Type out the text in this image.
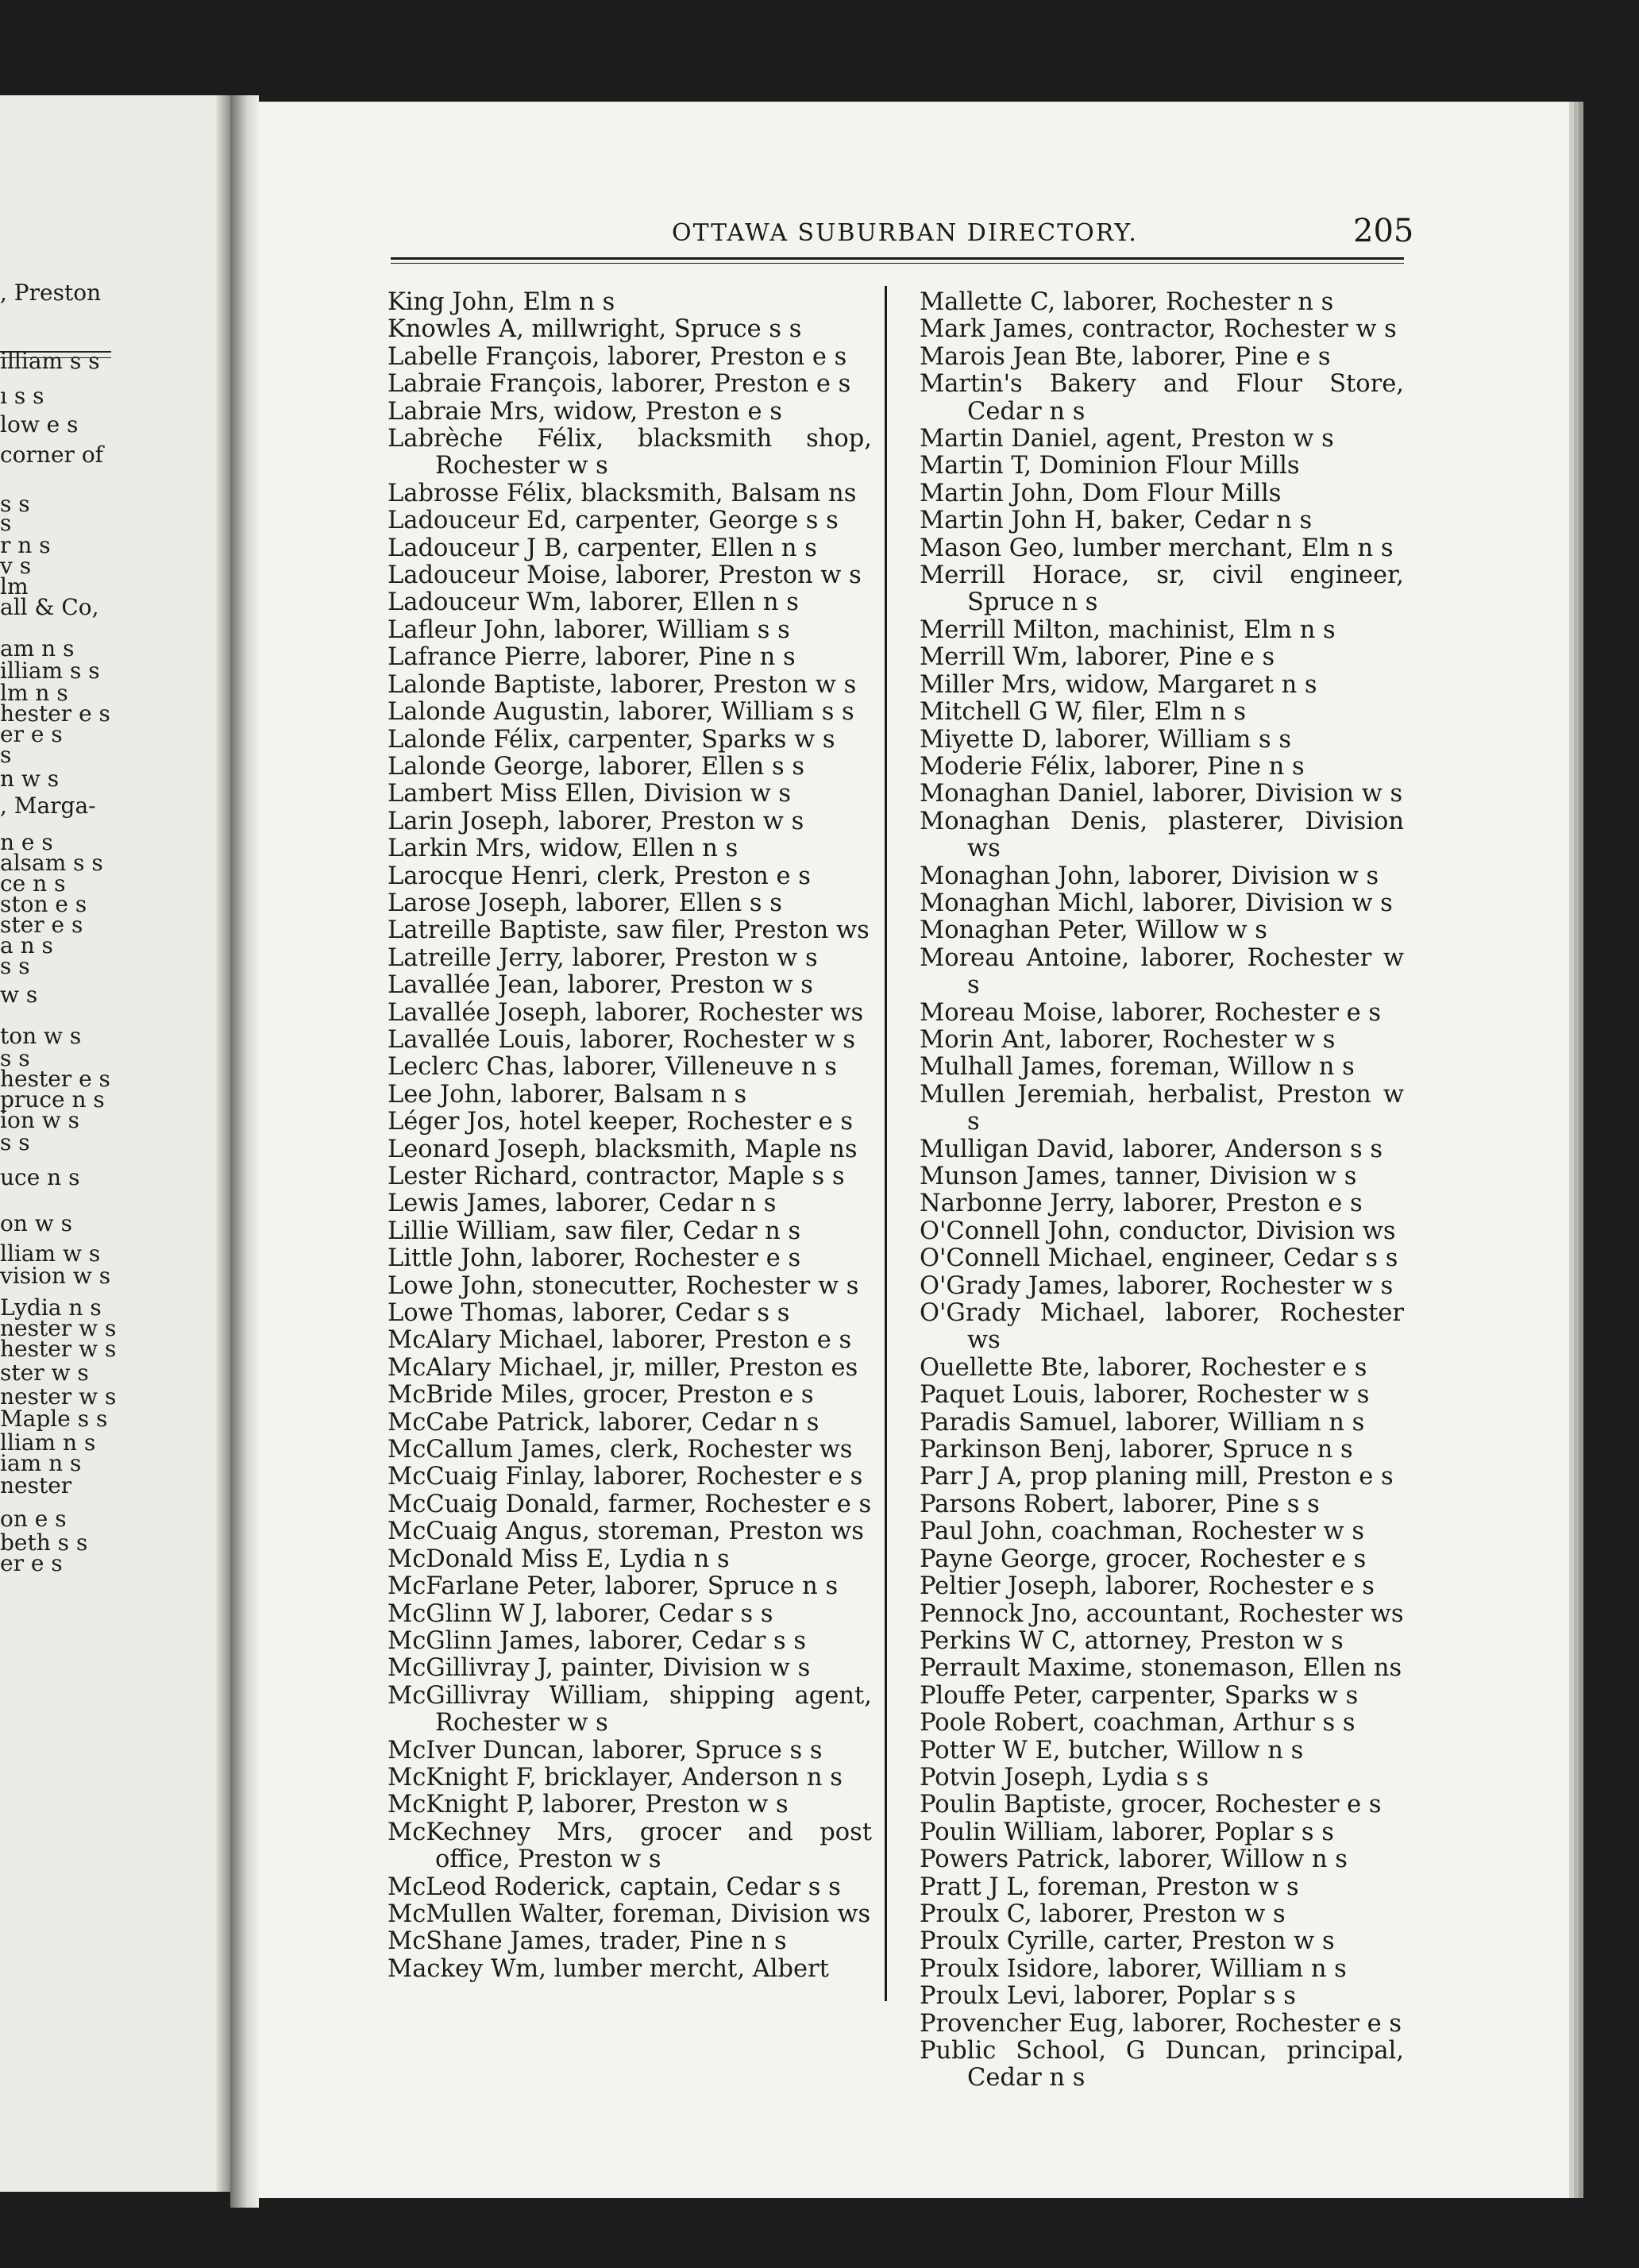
, Preston
illiam s s
ı s s
low e s
corner of
s s
s
r n s
v s
lm
all & Co,
am n s
illiam s s
lm n s
hester e s
er e s
s
n w s
, Marga-
n e s
alsam s s
ce n s
ston e s
ster e s
a n s
s s
w s
ton w s
s s
hester e s
pruce n s
ion w s
s s
uce n s
on w s
lliam w s
vision w s
Lydia n s
nester w s
hester w s
ster w s
nester w s
Maple s s
lliam n s
iam n s
nester
on e s
beth s s
er e s
OTTAWA SUBURBAN DIRECTORY.	205
King John, Elm n s
Knowles A, millwright, Spruce s s
Labelle François, laborer, Preston e s
Labraie François, laborer, Preston e s
Labraie Mrs, widow, Preston e s
Labrèche Félix, blacksmith shop, Rochester w s
Labrosse Félix, blacksmith, Balsam ns
Ladouceur Ed, carpenter, George s s
Ladouceur J B, carpenter, Ellen n s
Ladouceur Moise, laborer, Preston w s
Ladouceur Wm, laborer, Ellen n s
Lafleur John, laborer, William s s
Lafrance Pierre, laborer, Pine n s
Lalonde Baptiste, laborer, Preston w s
Lalonde Augustin, laborer, William s s
Lalonde Félix, carpenter, Sparks w s
Lalonde George, laborer, Ellen s s
Lambert Miss Ellen, Division w s
Larin Joseph, laborer, Preston w s
Larkin Mrs, widow, Ellen n s
Larocque Henri, clerk, Preston e s
Larose Joseph, laborer, Ellen s s
Latreille Baptiste, saw filer, Preston ws
Latreille Jerry, laborer, Preston w s
Lavallée Jean, laborer, Preston w s
Lavallée Joseph, laborer, Rochester ws
Lavallée Louis, laborer, Rochester w s
Leclerc Chas, laborer, Villeneuve n s
Lee John, laborer, Balsam n s
Léger Jos, hotel keeper, Rochester e s
Leonard Joseph, blacksmith, Maple ns
Lester Richard, contractor, Maple s s
Lewis James, laborer, Cedar n s
Lillie William, saw filer, Cedar n s
Little John, laborer, Rochester e s
Lowe John, stonecutter, Rochester w s
Lowe Thomas, laborer, Cedar s s
McAlary Michael, laborer, Preston e s
McAlary Michael, jr, miller, Preston es
McBride Miles, grocer, Preston e s
McCabe Patrick, laborer, Cedar n s
McCallum James, clerk, Rochester ws
McCuaig Finlay, laborer, Rochester e s
McCuaig Donald, farmer, Rochester e s
McCuaig Angus, storeman, Preston ws
McDonald Miss E, Lydia n s
McFarlane Peter, laborer, Spruce n s
McGlinn W J, laborer, Cedar s s
McGlinn James, laborer, Cedar s s
McGillivray J, painter, Division w s
McGillivray William, shipping agent, Rochester w s
McIver Duncan, laborer, Spruce s s
McKnight F, bricklayer, Anderson n s
McKnight P, laborer, Preston w s
McKechney Mrs, grocer and post office, Preston w s
McLeod Roderick, captain, Cedar s s
McMullen Walter, foreman, Division ws
McShane James, trader, Pine n s
Mackey Wm, lumber mercht, Albert
Mallette C, laborer, Rochester n s
Mark James, contractor, Rochester w s
Marois Jean Bte, laborer, Pine e s
Martin's Bakery and Flour Store, Cedar n s
Martin Daniel, agent, Preston w s
Martin T, Dominion Flour Mills
Martin John, Dom Flour Mills
Martin John H, baker, Cedar n s
Mason Geo, lumber merchant, Elm n s
Merrill Horace, sr, civil engineer, Spruce n s
Merrill Milton, machinist, Elm n s
Merrill Wm, laborer, Pine e s
Miller Mrs, widow, Margaret n s
Mitchell G W, filer, Elm n s
Miyette D, laborer, William s s
Moderie Félix, laborer, Pine n s
Monaghan Daniel, laborer, Division w s
Monaghan Denis, plasterer, Division ws
Monaghan John, laborer, Division w s
Monaghan Michl, laborer, Division w s
Monaghan Peter, Willow w s
Moreau Antoine, laborer, Rochester w s
Moreau Moise, laborer, Rochester e s
Morin Ant, laborer, Rochester w s
Mulhall James, foreman, Willow n s
Mullen Jeremiah, herbalist, Preston w s
Mulligan David, laborer, Anderson s s
Munson James, tanner, Division w s
Narbonne Jerry, laborer, Preston e s
O'Connell John, conductor, Division ws
O'Connell Michael, engineer, Cedar s s
O'Grady James, laborer, Rochester w s
O'Grady Michael, laborer, Rochester ws
Ouellette Bte, laborer, Rochester e s
Paquet Louis, laborer, Rochester w s
Paradis Samuel, laborer, William n s
Parkinson Benj, laborer, Spruce n s
Parr J A, prop planing mill, Preston e s
Parsons Robert, laborer, Pine s s
Paul John, coachman, Rochester w s
Payne George, grocer, Rochester e s
Peltier Joseph, laborer, Rochester e s
Pennock Jno, accountant, Rochester ws
Perkins W C, attorney, Preston w s
Perrault Maxime, stonemason, Ellen ns
Plouffe Peter, carpenter, Sparks w s
Poole Robert, coachman, Arthur s s
Potter W E, butcher, Willow n s
Potvin Joseph, Lydia s s
Poulin Baptiste, grocer, Rochester e s
Poulin William, laborer, Poplar s s
Powers Patrick, laborer, Willow n s
Pratt J L, foreman, Preston w s
Proulx C, laborer, Preston w s
Proulx Cyrille, carter, Preston w s
Proulx Isidore, laborer, William n s
Proulx Levi, laborer, Poplar s s
Provencher Eug, laborer, Rochester e s
Public School, G Duncan, principal, Cedar n s
